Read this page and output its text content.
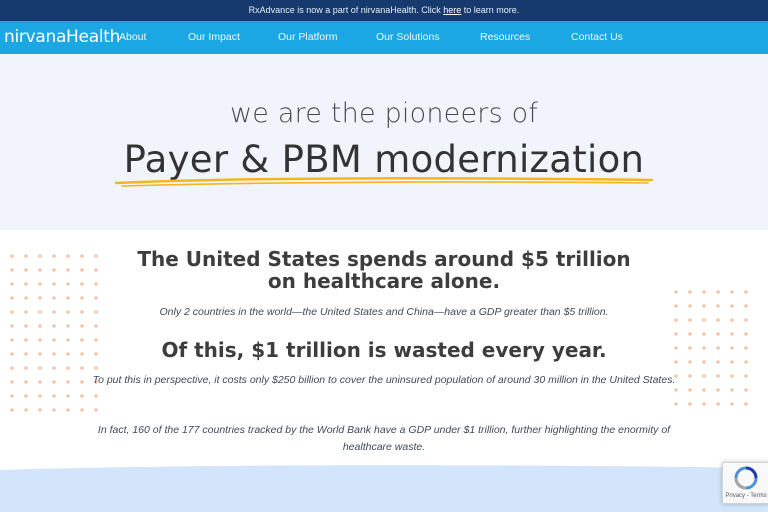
RxAdvance is now a part of nirvanaHealth. Click here to learn more.
nirvanaHealth
About	Our Impact	Our Platform	Our Solutions	Resources	Contact Us
we are the pioneers of
Payer & PBM modernization
The United States spends around $5 trillion on healthcare alone.
Only 2 countries in the world—the United States and China—have a GDP greater than $5 trillion.
Of this, $1 trillion is wasted every year.
To put this in perspective, it costs only $250 billion to cover the uninsured population of around 30 million in the United States.
In fact, 160 of the 177 countries tracked by the World Bank have a GDP under $1 trillion, further highlighting the enormity of healthcare waste.
Privacy - Terms
